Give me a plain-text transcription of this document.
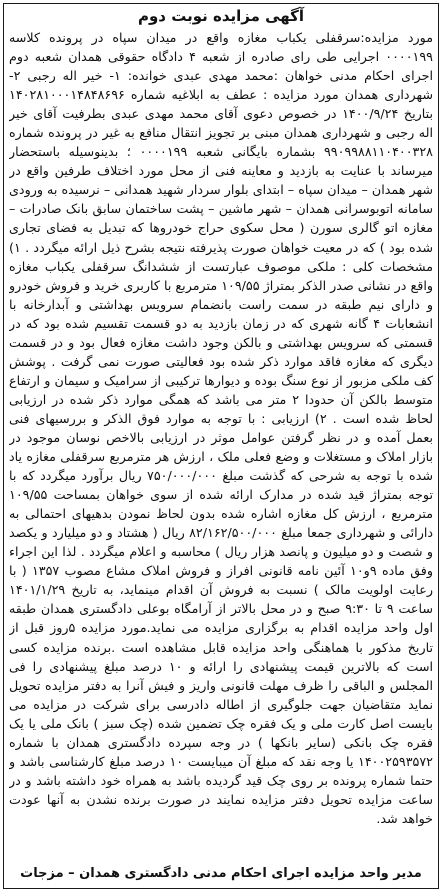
آگهی مزایده نوبت دوم
مورد مزایده:سرقفلی یکباب مغازه واقع در میدان سپاه در پرونده کلاسه ۰۰۰۰۱۹۹ اجرایی طی رای صادره از شعبه ۴ دادگاه حقوقی همدان شعبه دوم اجرای احکام مدنی خواهان :محمد مهدی عبدی خوانده: ۱- خیر اله رجبی ۲-شهرداری همدان مورد مزایده : عطف به ابلاغیه شماره ۱۴۰۲۸۱۰۰۰۱۴۸۴۸۶۹۶ بتاریخ ۱۴۰۰/۹/۲۴ در خصوص دعوی آقای محمد مهدی عبدی بطرفیت آقای خیر اله رجبی و شهرداری همدان مبنی بر تجویز انتقال منافع به غیر در پرونده شماره ۹۹۰۹۹۸۸۱۱۰۴۰۰۳۲۸ بشماره بایگانی شعبه ۰۰۰۰۱۹۹ ؛ بدینوسیله باستحضار میرساند با عنایت به بازدید و معاینه فنی از محل مورد اختلاف طرفین واقع در شهر همدان – میدان سپاه – ابتدای بلوار سردار شهید همدانی – نرسیده به ورودی سامانه اتوبوسرانی همدان – شهر ماشین – پشت ساختمان سابق بانک صادرات – مغازه اتو گالری سورن ( محل سکوی حراج خودروها که تبدیل به فضای تجاری شده بود ) که در معیت خواهان صورت پذیرفته نتیجه بشرح ذیل ارائه میگردد . ۱) مشخصات کلی : ملکی موصوف عبارتست از ششدانگ سرقفلی یکباب مغازه واقع در نشانی صدر الذکر بمتراژ ۱۰۹/۵۵ مترمربع با کاربری خرید و فروش خودرو و دارای نیم طبقه در سمت راست بانضمام سرویس بهداشتی و آبدارخانه با انشعابات ۴ گانه شهری که در زمان بازدید به دو قسمت تقسیم شده بود که در قسمتی که سرویس بهداشتی و بالکن وجود داشت مغازه فعال بود و در قسمت دیگری که مغازه فاقد موارد ذکر شده بود فعالیتی صورت نمی گرفت . پوشش کف ملکی مزبور از نوع سنگ بوده و دیوارها ترکیبی از سرامیک و سیمان و ارتفاع متوسط بالکن آن حدودا ۲ متر می باشد که همگی موارد ذکر شده در ارزیابی لحاظ شده است . ۲) ارزیابی : با توجه به موارد فوق الذکر و بررسیهای فنی بعمل آمده و در نظر گرفتن عوامل موثر در ارزیابی بالاخص نوسان موجود در بازار املاک و مستغلات و وضع فعلی ملک ، ارزش هر مترمربع سرقفلی مغازه یاد شده با توجه به شرحی که گذشت مبلغ ۷۵۰/۰۰۰/۰۰۰ ریال برآورد میگردد که با توجه بمتراژ قید شده در مدارک ارائه شده از سوی خواهان بمساحت ۱۰۹/۵۵ مترمربع ، ارزش کل مغازه اشاره شده بدون لحاظ نمودن بدهیهای احتمالی به دارائی و شهرداری جمعا مبلغ ۸۲/۱۶۲/۵۰۰/۰۰۰ ریال ( هشتاد و دو میلیارد و یکصد و شصت و دو میلیون و پانصد هزار ریال ) محاسبه و اعلام میگردد . لذا این اجراء وفق ماده ۹و۱۰ آئین نامه قانونی افراز و فروش املاک مشاع مصوب ۱۳۵۷ ( با رعایت اولویت مالک ) نسبت به فروش آن اقدام مینماید، به تاریخ ۱۴۰۱/۱/۲۹ ساعت ۹ تا ۹:۳۰ صبح و در محل بالاتر از آرامگاه بوعلی دادگستری همدان طبقه اول واحد مزایده اقدام به برگزاری مزایده می نماید.مورد مزایده ۵روز قبل از تاریخ مذکور با هماهنگی واحد مزایده قابل مشاهده است .برنده مزایده کسی است که بالاترین قیمت پیشنهادی را ارائه و ۱۰ درصد مبلغ پیشنهادی را فی المجلس و الباقی را ظرف مهلت قانونی واریز و فیش آنرا به دفتر مزایده تحویل نماید متقاضیان جهت جلوگیری از اطاله دادرسی برای شرکت در مزایده می بایست اصل کارت ملی و یک فقره چک تضمین شده (چک سبز ) بانک ملی یا یک فقره چک بانکی (سایر بانکها ) در وجه سپرده دادگستری همدان با شماره ۱۴۰۰۲۵۹۳۵۷۲ یا وجه نقد که مبلغ آن میبایست ۱۰ درصد مبلغ کارشناسی باشد و حتما شماره پرونده بر روی چک قید گردیده باشد به همراه خود داشته باشد و در ساعت مزایده تحویل دفتر مزایده نمایند در صورت برنده نشدن به آنها عودت خواهد شد.
مدیر واحد مزایده اجرای احکام مدنی دادگستری همدان – مزجات
